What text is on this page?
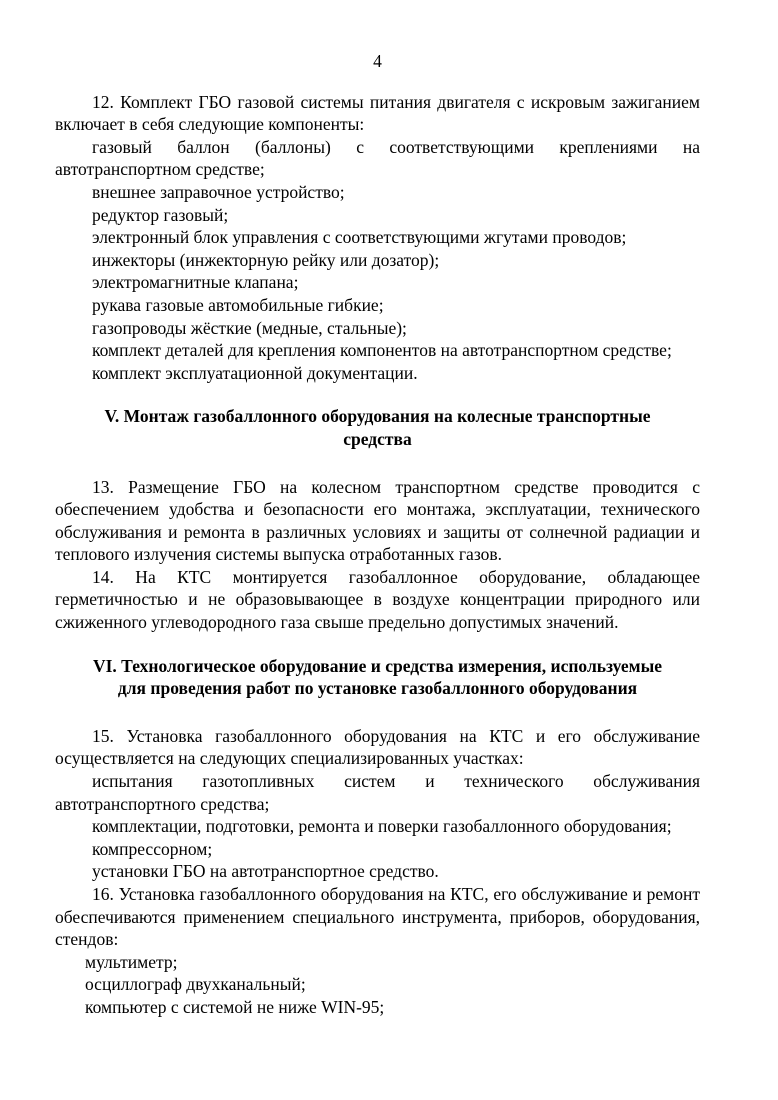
4

12. Комплект ГБО газовой системы питания двигателя с искровым зажиганием включает в себя следующие компоненты:

газовый баллон (баллоны) с соответствующими креплениями на автотранспортном средстве;

внешнее заправочное устройство;

редуктор газовый;

электронный блок управления с соответствующими жгутами проводов;

инжекторы (инжекторную рейку или дозатор);

электромагнитные клапана;

рукава газовые автомобильные гибкие;

газопроводы жёсткие (медные, стальные);

комплект деталей для крепления компонентов на автотранспортном средстве;

комплект эксплуатационной документации.

V. Монтаж газобаллонного оборудования на колесные транспортные
средства

13. Размещение ГБО на колесном транспортном средстве проводится с обеспечением удобства и безопасности его монтажа, эксплуатации, технического обслуживания и ремонта в различных условиях и защиты от солнечной радиации и теплового излучения системы выпуска отработанных газов.

14. На КТС монтируется газобаллонное оборудование, обладающее герметичностью и не образовывающее в воздухе концентрации природного или сжиженного углеводородного газа свыше предельно допустимых значений.

VI. Технологическое оборудование и средства измерения, используемые
для проведения работ по установке газобаллонного оборудования

15. Установка газобаллонного оборудования на КТС и его обслуживание осуществляется на следующих специализированных участках:

испытания газотопливных систем и технического обслуживания автотранспортного средства;

комплектации, подготовки, ремонта и поверки газобаллонного оборудования;

компрессорном;

установки ГБО на автотранспортное средство.

16. Установка газобаллонного оборудования на КТС, его обслуживание и ремонт обеспечиваются применением специального инструмента, приборов, оборудования, стендов:

мультиметр;

осциллограф двухканальный;

компьютер с системой не ниже WIN-95;
